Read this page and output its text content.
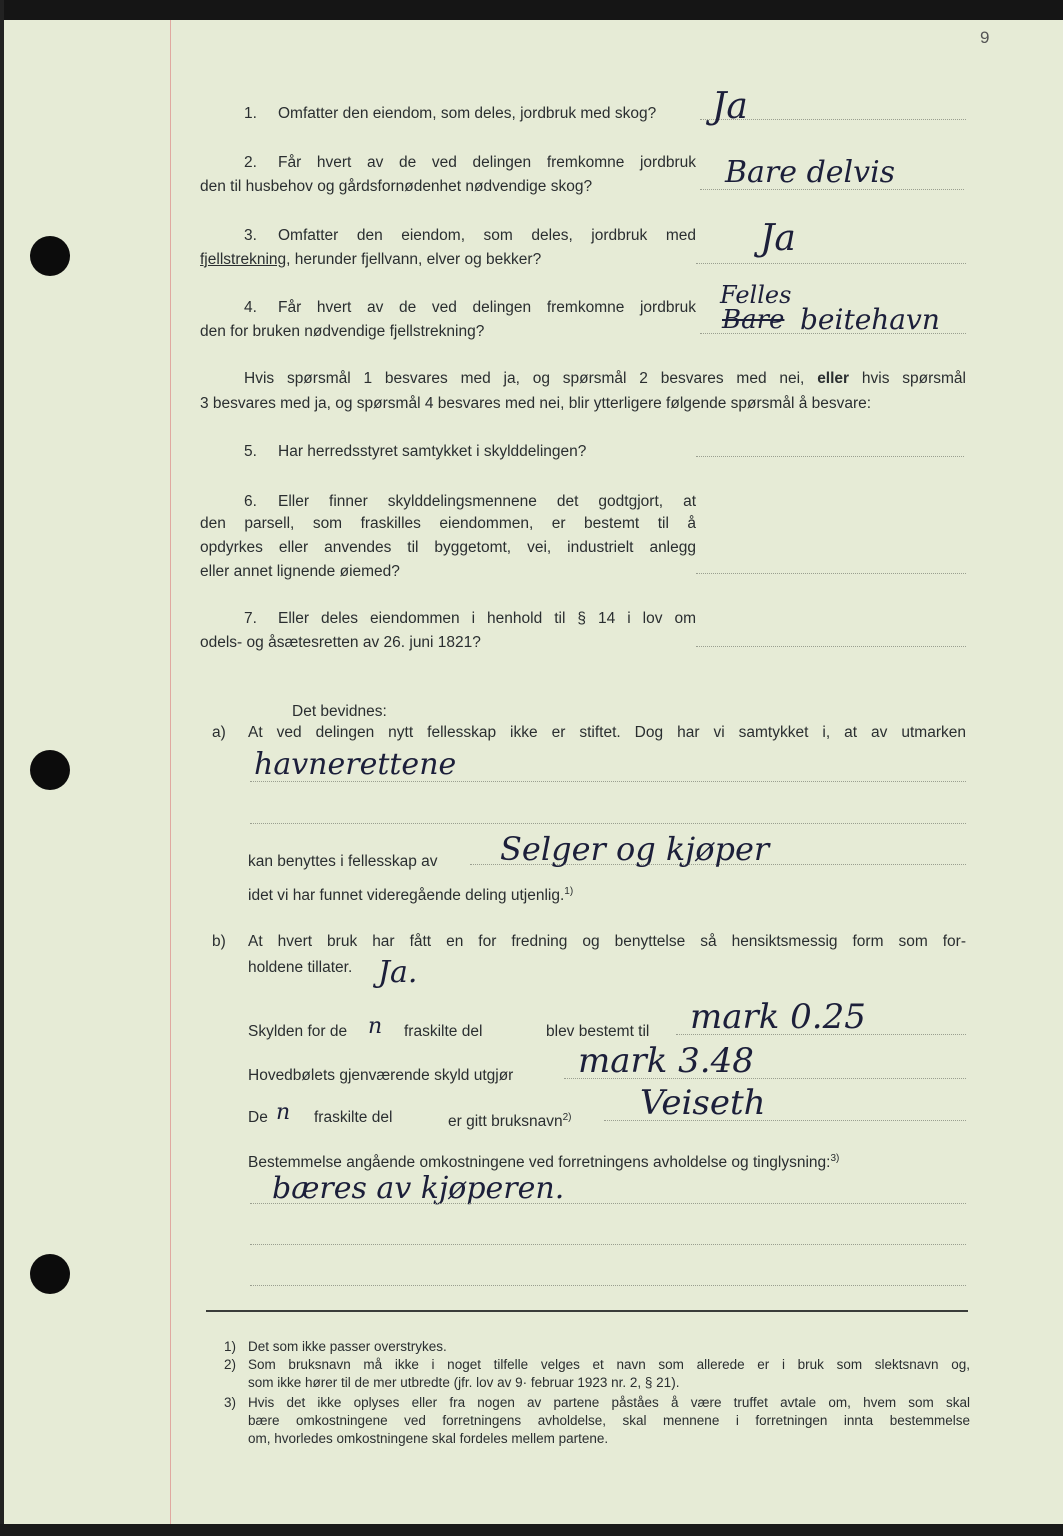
9
1. Omfatter den eiendom, som deles, jordbruk med skog? Ja
2. Får hvert av de ved delingen fremkomne jordbruk
den til husbehov og gårdsfornødenhet nødvendige skog?	Bare delvis
3. Omfatter den eiendom, som deles, jordbruk med
fjellstrekning, herunder fjellvann, elver og bekker?
Ja
4. Får hvert av de ved delingen fremkomne jordbruk
den for bruken nødvendige fjellstrekning?
Felles
Bare beitehavn
Hvis spørsmål 1 besvares med ja, og spørsmål 2 besvares med nei, eller hvis spørsmål
3 besvares med ja, og spørsmål 4 besvares med nei, blir ytterligere følgende spørsmål å besvare:
5. Har herredsstyret samtykket i skylddelingen?
6. Eller finner skylddelingsmennene det godtgjort, at
den parsell, som fraskilles eiendommen, er bestemt til å
opdyrkes eller anvendes til byggetomt, vei, industrielt anlegg
eller annet lignende øiemed?
7. Eller deles eiendommen i henhold til § 14 i lov om
odels- og åsætesretten av 26. juni 1821?
Det bevidnes:
a) At ved delingen nytt fellesskap ikke er stiftet. Dog har vi samtykket i, at av utmarken
havnerettene
kan benyttes i fellesskap av Selger og kjøper
idet vi har funnet videregående deling utjenlig.$^{1)}$
b) At hvert bruk har fått en for fredning og benyttelse så hensiktsmessig form som for-
holdene tillater. Ja.
Skylden for de n fraskilte del	blev bestemt til mark 0.25
Hovedbølets gjenværende skyld utgjør mark 3.48
De n fraskilte del	er gitt bruksnavn$^{2)}$ Veiseth
Bestemmelse angående omkostningene ved forretningens avholdelse og tinglysning:$^{3)}$
bæres av kjøperen.
1) Det som ikke passer overstrykes.
2) Som bruksnavn må ikke i noget tilfelle velges et navn som allerede er i bruk som slektsnavn og,
som ikke hører til de mer utbredte (jfr. lov av 9· februar 1923 nr. 2, § 21).
3) Hvis det ikke oplyses eller fra nogen av partene påståes å være truffet avtale om, hvem som skal
bære omkostningene ved forretningens avholdelse, skal mennene i forretningen innta bestemmelse
om, hvorledes omkostningene skal fordeles mellem partene.
